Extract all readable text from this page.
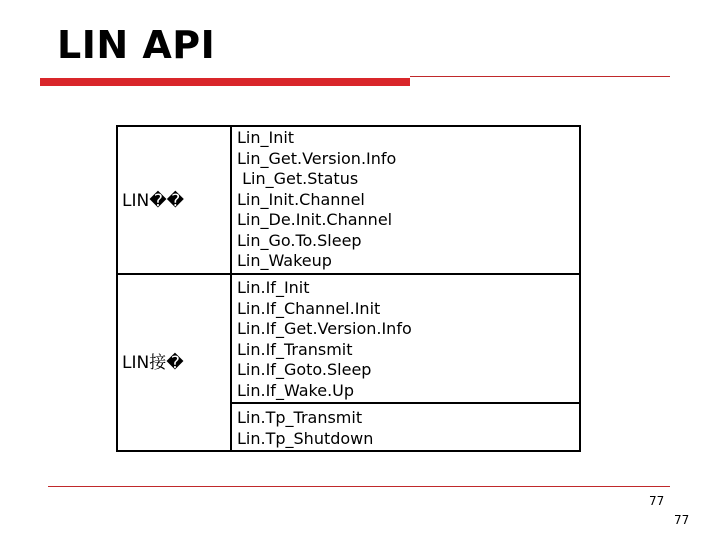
LIN API
LIN��
Lin_Init
Lin_Get.Version.Info
Lin_Get.Status
Lin_Init.Channel
Lin_De.Init.Channel
Lin_Go.To.Sleep
Lin_Wakeup
LIN接�
Lin.If_Init
Lin.If_Channel.Init
Lin.If_Get.Version.Info
Lin.If_Transmit
Lin.If_Goto.Sleep
Lin.If_Wake.Up
Lin.Tp_Transmit
Lin.Tp_Shutdown
77
77
